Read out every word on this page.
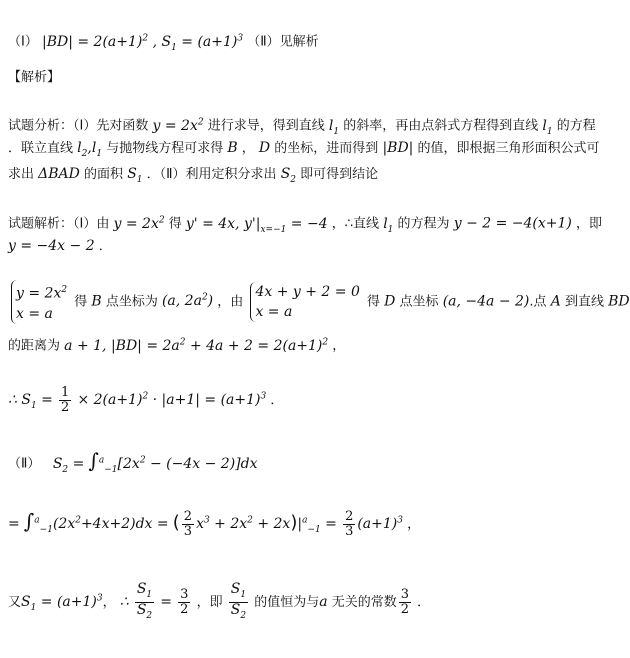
（Ⅰ） $|BD| = 2(a+1)^2$ , $S_1 = (a+1)^3$ （Ⅱ）见解析
【解析】
试题分析：（Ⅰ）先对函数 $y = 2x^2$ 进行求导，得到直线 $l_1$ 的斜率，再由点斜式方程得到直线 $l_1$ 的方程
．联立直线 $l_2,l_1$ 与抛物线方程可求得 B ， D 的坐标，进而得到 |BD| 的值，即根据三角形面积公式可
求出 ΔBAD 的面积 $S_1$ ．（Ⅱ）利用定积分求出 $S_2$ 即可得到结论
试题解析：（Ⅰ）由 $y = 2x^2$ 得 y' = 4x, $y'|_{x=-1} = -4$ ，∴直线 $l_1$ 的方程为 y − 2 = −4(x+1) ，即
y = −4x − 2 ．
$y = 2x^2$
x = a
得 B 点坐标为 (a, $2a^2$) ，由
4x + y + 2 = 0
x = a
得 D 点坐标 (a, −4a − 2).点 A 到直线 BD
的距离为 a + 1, $|BD| = 2a^2 + 4a + 2 = 2(a+1)^2$ ，
∴ $S_1 = \frac{1}{2} \times 2(a+1)^2 \cdot |a+1| = (a+1)^3$ ．
（Ⅱ） $S_2 = \int^a_{-1}[2x^2 - (-4x - 2)]dx$
= $\int^a_{-1}(2x^2+4x+2)dx$ = ( $\frac{2}{3} x^3 + 2x^2 + 2x)|^a_{-1} = \frac{2}{3} (a+1)^3$ ，
又$S_1 = (a+1)^3$， ∴ $\frac{S_1}{S_2} = \frac{3}{2}$ ，即 $\frac{S_1}{S_2}$ 的值恒为与a 无关的常数 $\frac{3}{2}$ ．
